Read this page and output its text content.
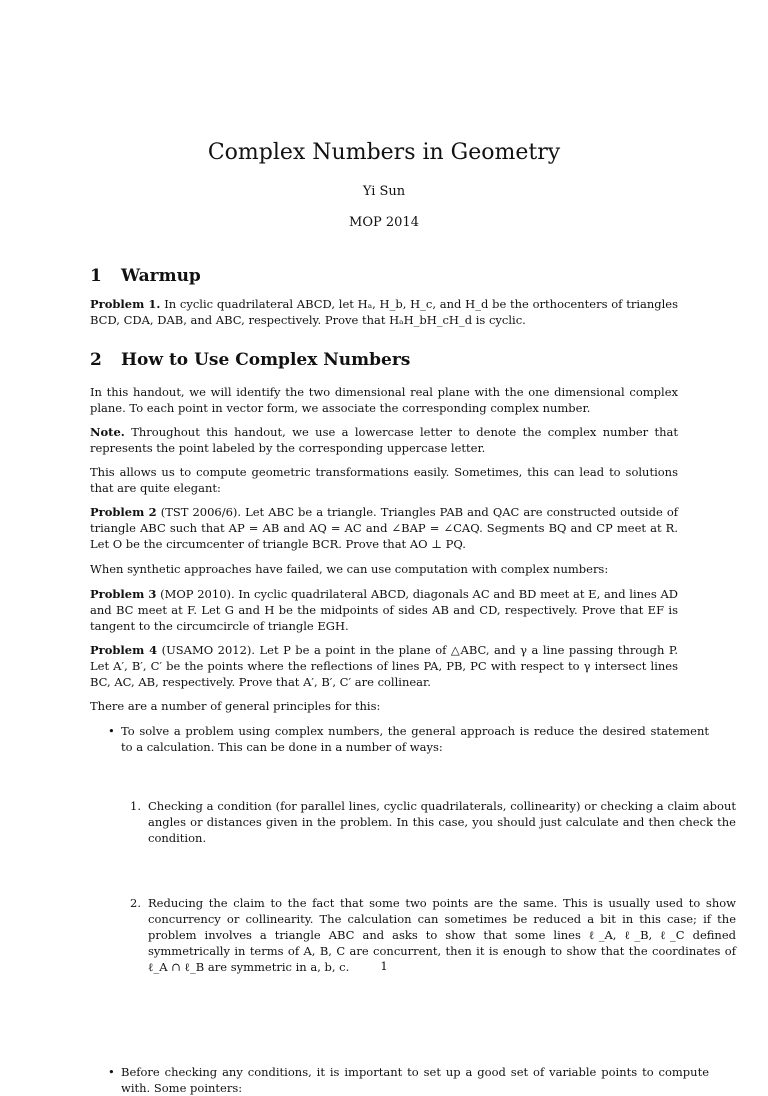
Complex Numbers in Geometry
Yi Sun
MOP 2014
1 Warmup
Problem 1. In cyclic quadrilateral ABCD, let Hₐ, H_b, H_c, and H_d be the orthocenters of triangles BCD, CDA, DAB, and ABC, respectively. Prove that HₐH_bH_cH_d is cyclic.
2 How to Use Complex Numbers
In this handout, we will identify the two dimensional real plane with the one dimensional complex plane. To each point in vector form, we associate the corresponding complex number.
Note. Throughout this handout, we use a lowercase letter to denote the complex number that represents the point labeled by the corresponding uppercase letter.
This allows us to compute geometric transformations easily. Sometimes, this can lead to solutions that are quite elegant:
Problem 2 (TST 2006/6). Let ABC be a triangle. Triangles PAB and QAC are constructed outside of triangle ABC such that AP = AB and AQ = AC and ∠BAP = ∠CAQ. Segments BQ and CP meet at R. Let O be the circumcenter of triangle BCR. Prove that AO ⊥ PQ.
When synthetic approaches have failed, we can use computation with complex numbers:
Problem 3 (MOP 2010). In cyclic quadrilateral ABCD, diagonals AC and BD meet at E, and lines AD and BC meet at F. Let G and H be the midpoints of sides AB and CD, respectively. Prove that EF is tangent to the circumcircle of triangle EGH.
Problem 4 (USAMO 2012). Let P be a point in the plane of △ABC, and γ a line passing through P. Let A′, B′, C′ be the points where the reflections of lines PA, PB, PC with respect to γ intersect lines BC, AC, AB, respectively. Prove that A′, B′, C′ are collinear.
There are a number of general principles for this:
• To solve a problem using complex numbers, the general approach is reduce the desired statement to a calculation. This can be done in a number of ways:
1. Checking a condition (for parallel lines, cyclic quadrilaterals, collinearity) or checking a claim about angles or distances given in the problem. In this case, you should just calculate and then check the condition.
2. Reducing the claim to the fact that some two points are the same. This is usually used to show concurrency or collinearity. The calculation can sometimes be reduced a bit in this case; if the problem involves a triangle ABC and asks to show that some lines ℓ_A, ℓ_B, ℓ_C defined symmetrically in terms of A, B, C are concurrent, then it is enough to show that the coordinates of ℓ_A ∩ ℓ_B are symmetric in a, b, c.
• Before checking any conditions, it is important to set up a good set of variable points to compute with. Some pointers:
1
